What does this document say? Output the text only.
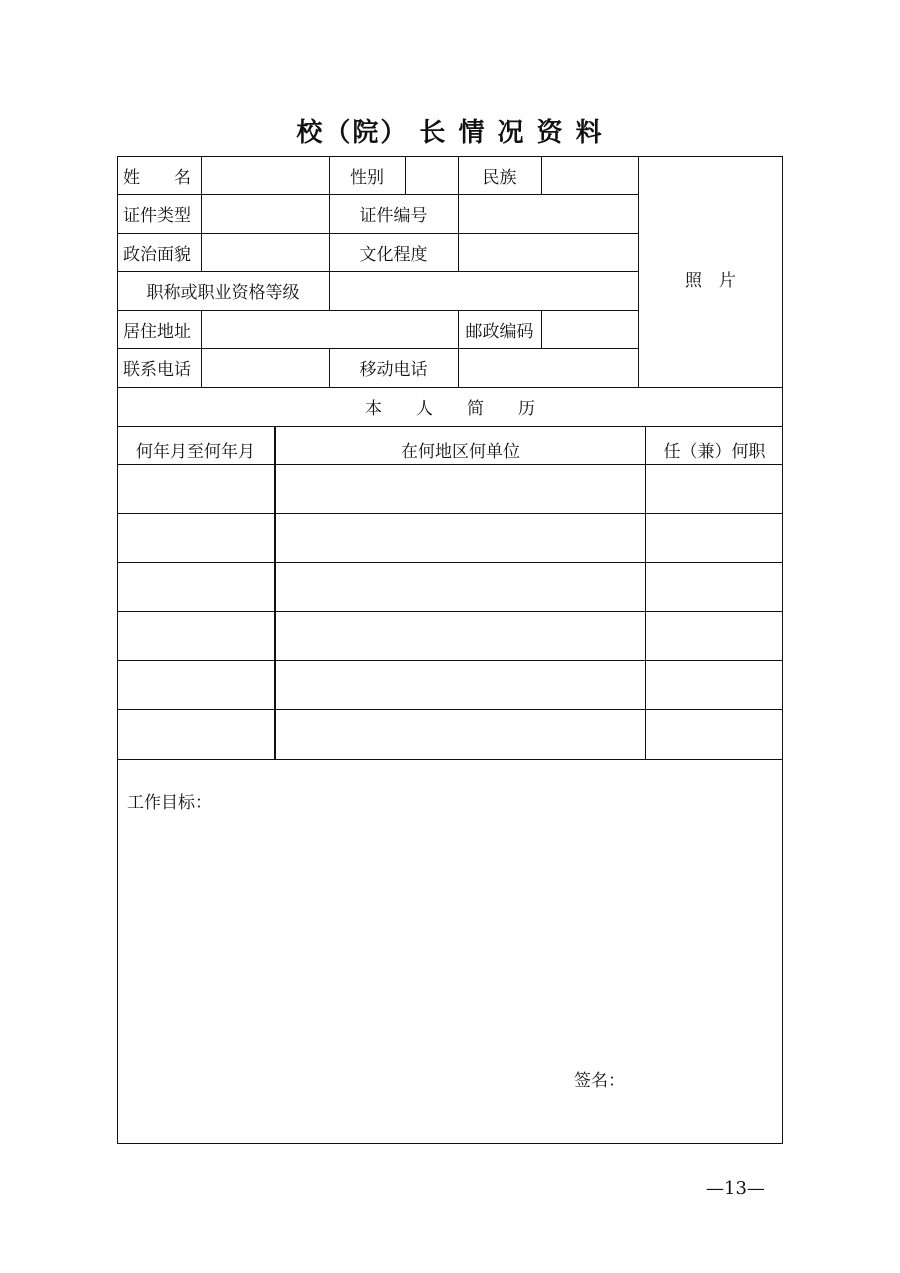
校（院） 长 情 况 资 料
姓　　名	性别	民族
证件类型	证件编号
政治面貌	文化程度
职称或职业资格等级
居住地址	邮政编码
联系电话	移动电话
照　片
本　　人　　简　　历
何年月至何年月	在何地区何单位	任（兼）何职
工作目标：
签名：
—13—
